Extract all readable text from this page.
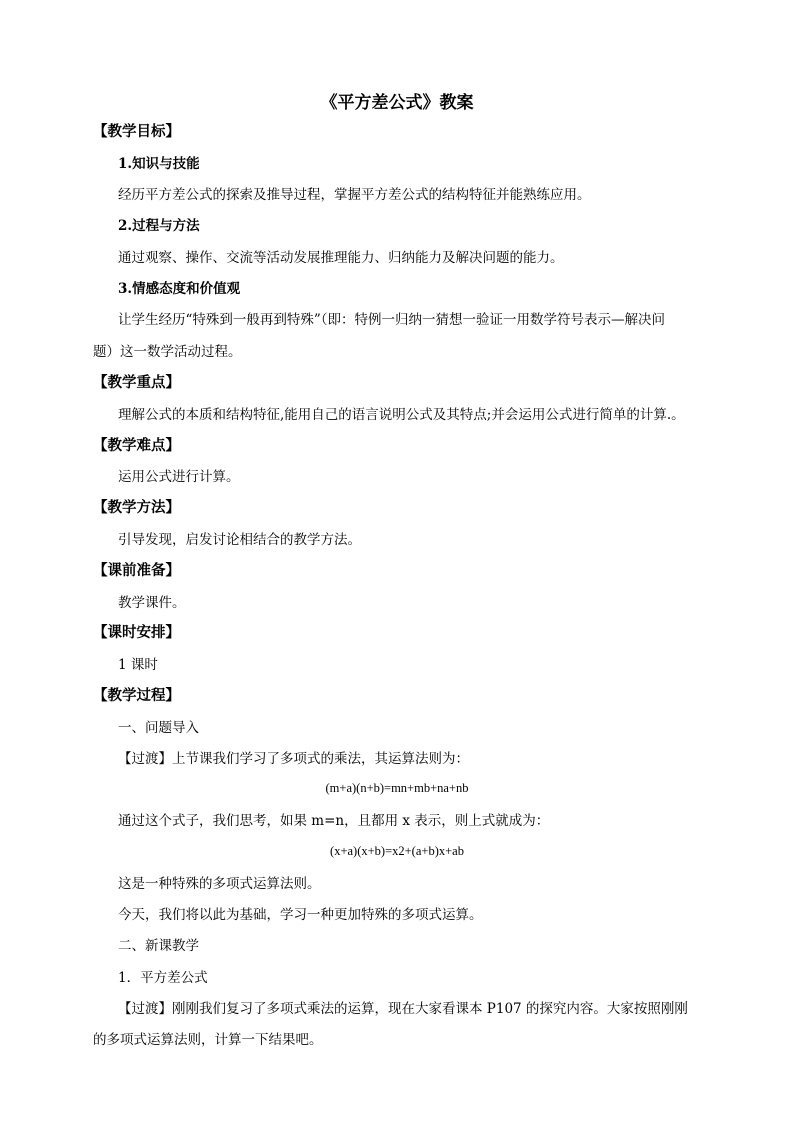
《平方差公式》教案
【教学目标】
1.知识与技能
经历平方差公式的探索及推导过程，掌握平方差公式的结构特征并能熟练应用。
2.过程与方法
通过观察、操作、交流等活动发展推理能力、归纳能力及解决问题的能力。
3.情感态度和价值观
让学生经历“特殊到一般再到特殊”（即：特例一归纳一猜想一验证一用数学符号表示—解决问
题）这一数学活动过程。
【教学重点】
理解公式的本质和结构特征,能用自己的语言说明公式及其特点;并会运用公式进行简单的计算.。
【教学难点】
运用公式进行计算。
【教学方法】
引导发现，启发讨论相结合的教学方法。
【课前准备】
教学课件。
【课时安排】
1 课时
【教学过程】
一、问题导入
【过渡】上节课我们学习了多项式的乘法，其运算法则为：
(m+a)(n+b)=mn+mb+na+nb
通过这个式子，我们思考，如果 m=n，且都用 x 表示，则上式就成为：
(x+a)(x+b)=x2+(a+b)x+ab
这是一种特殊的多项式运算法则。
今天，我们将以此为基础，学习一种更加特殊的多项式运算。
二、新课教学
1．平方差公式
【过渡】刚刚我们复习了多项式乘法的运算，现在大家看课本 P107 的探究内容。大家按照刚刚
的多项式运算法则，计算一下结果吧。
